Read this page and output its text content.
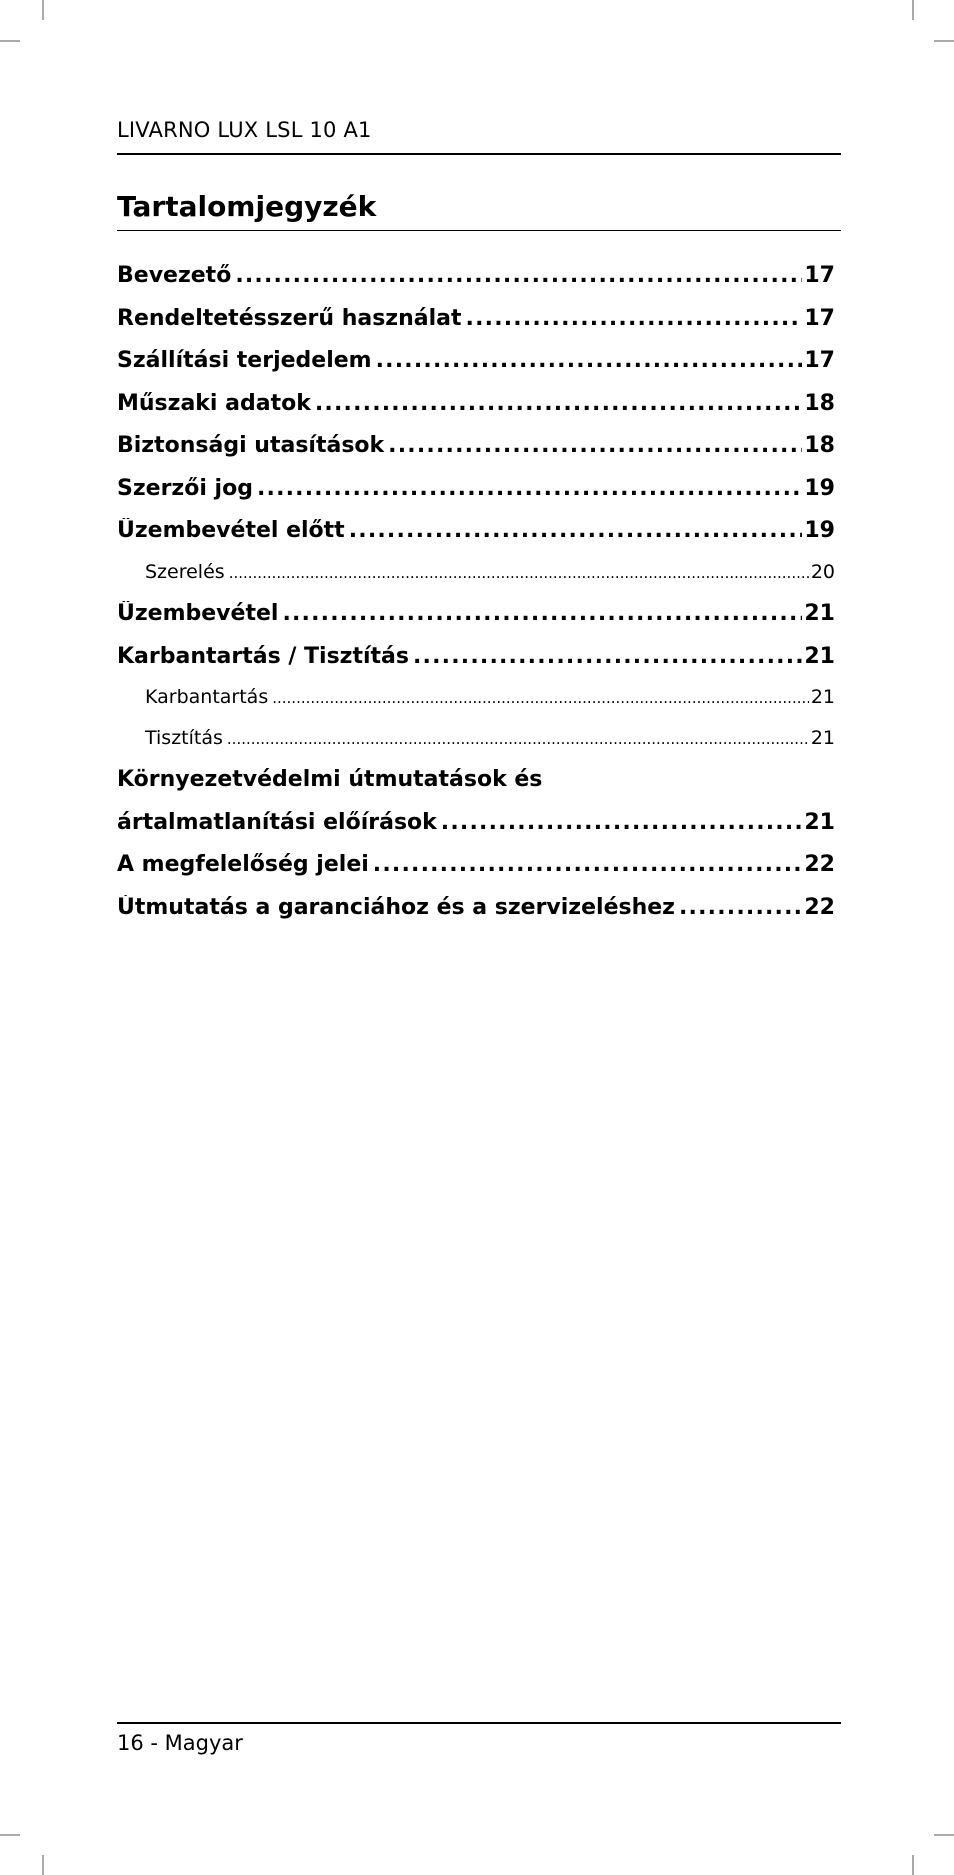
LIVARNO LUX LSL 10 A1
Tartalomjegyzék
Bevezető .....	17
Rendeltetésszerű használat .....	17
Szállítási terjedelem .....	17
Műszaki adatok .....	18
Biztonsági utasítások .....	18
Szerzői jog .....	19
Üzembevétel előtt .....	19
Szerelés .....	20
Üzembevétel .....	21
Karbantartás / Tisztítás .....	21
Karbantartás .....	21
Tisztítás .....	21
Környezetvédelmi útmutatások és
ártalmatlanítási előírások .....	21
A megfelelőség jelei .....	22
Útmutatás a garanciához és a szervizeléshez .....	22
16 - Magyar
